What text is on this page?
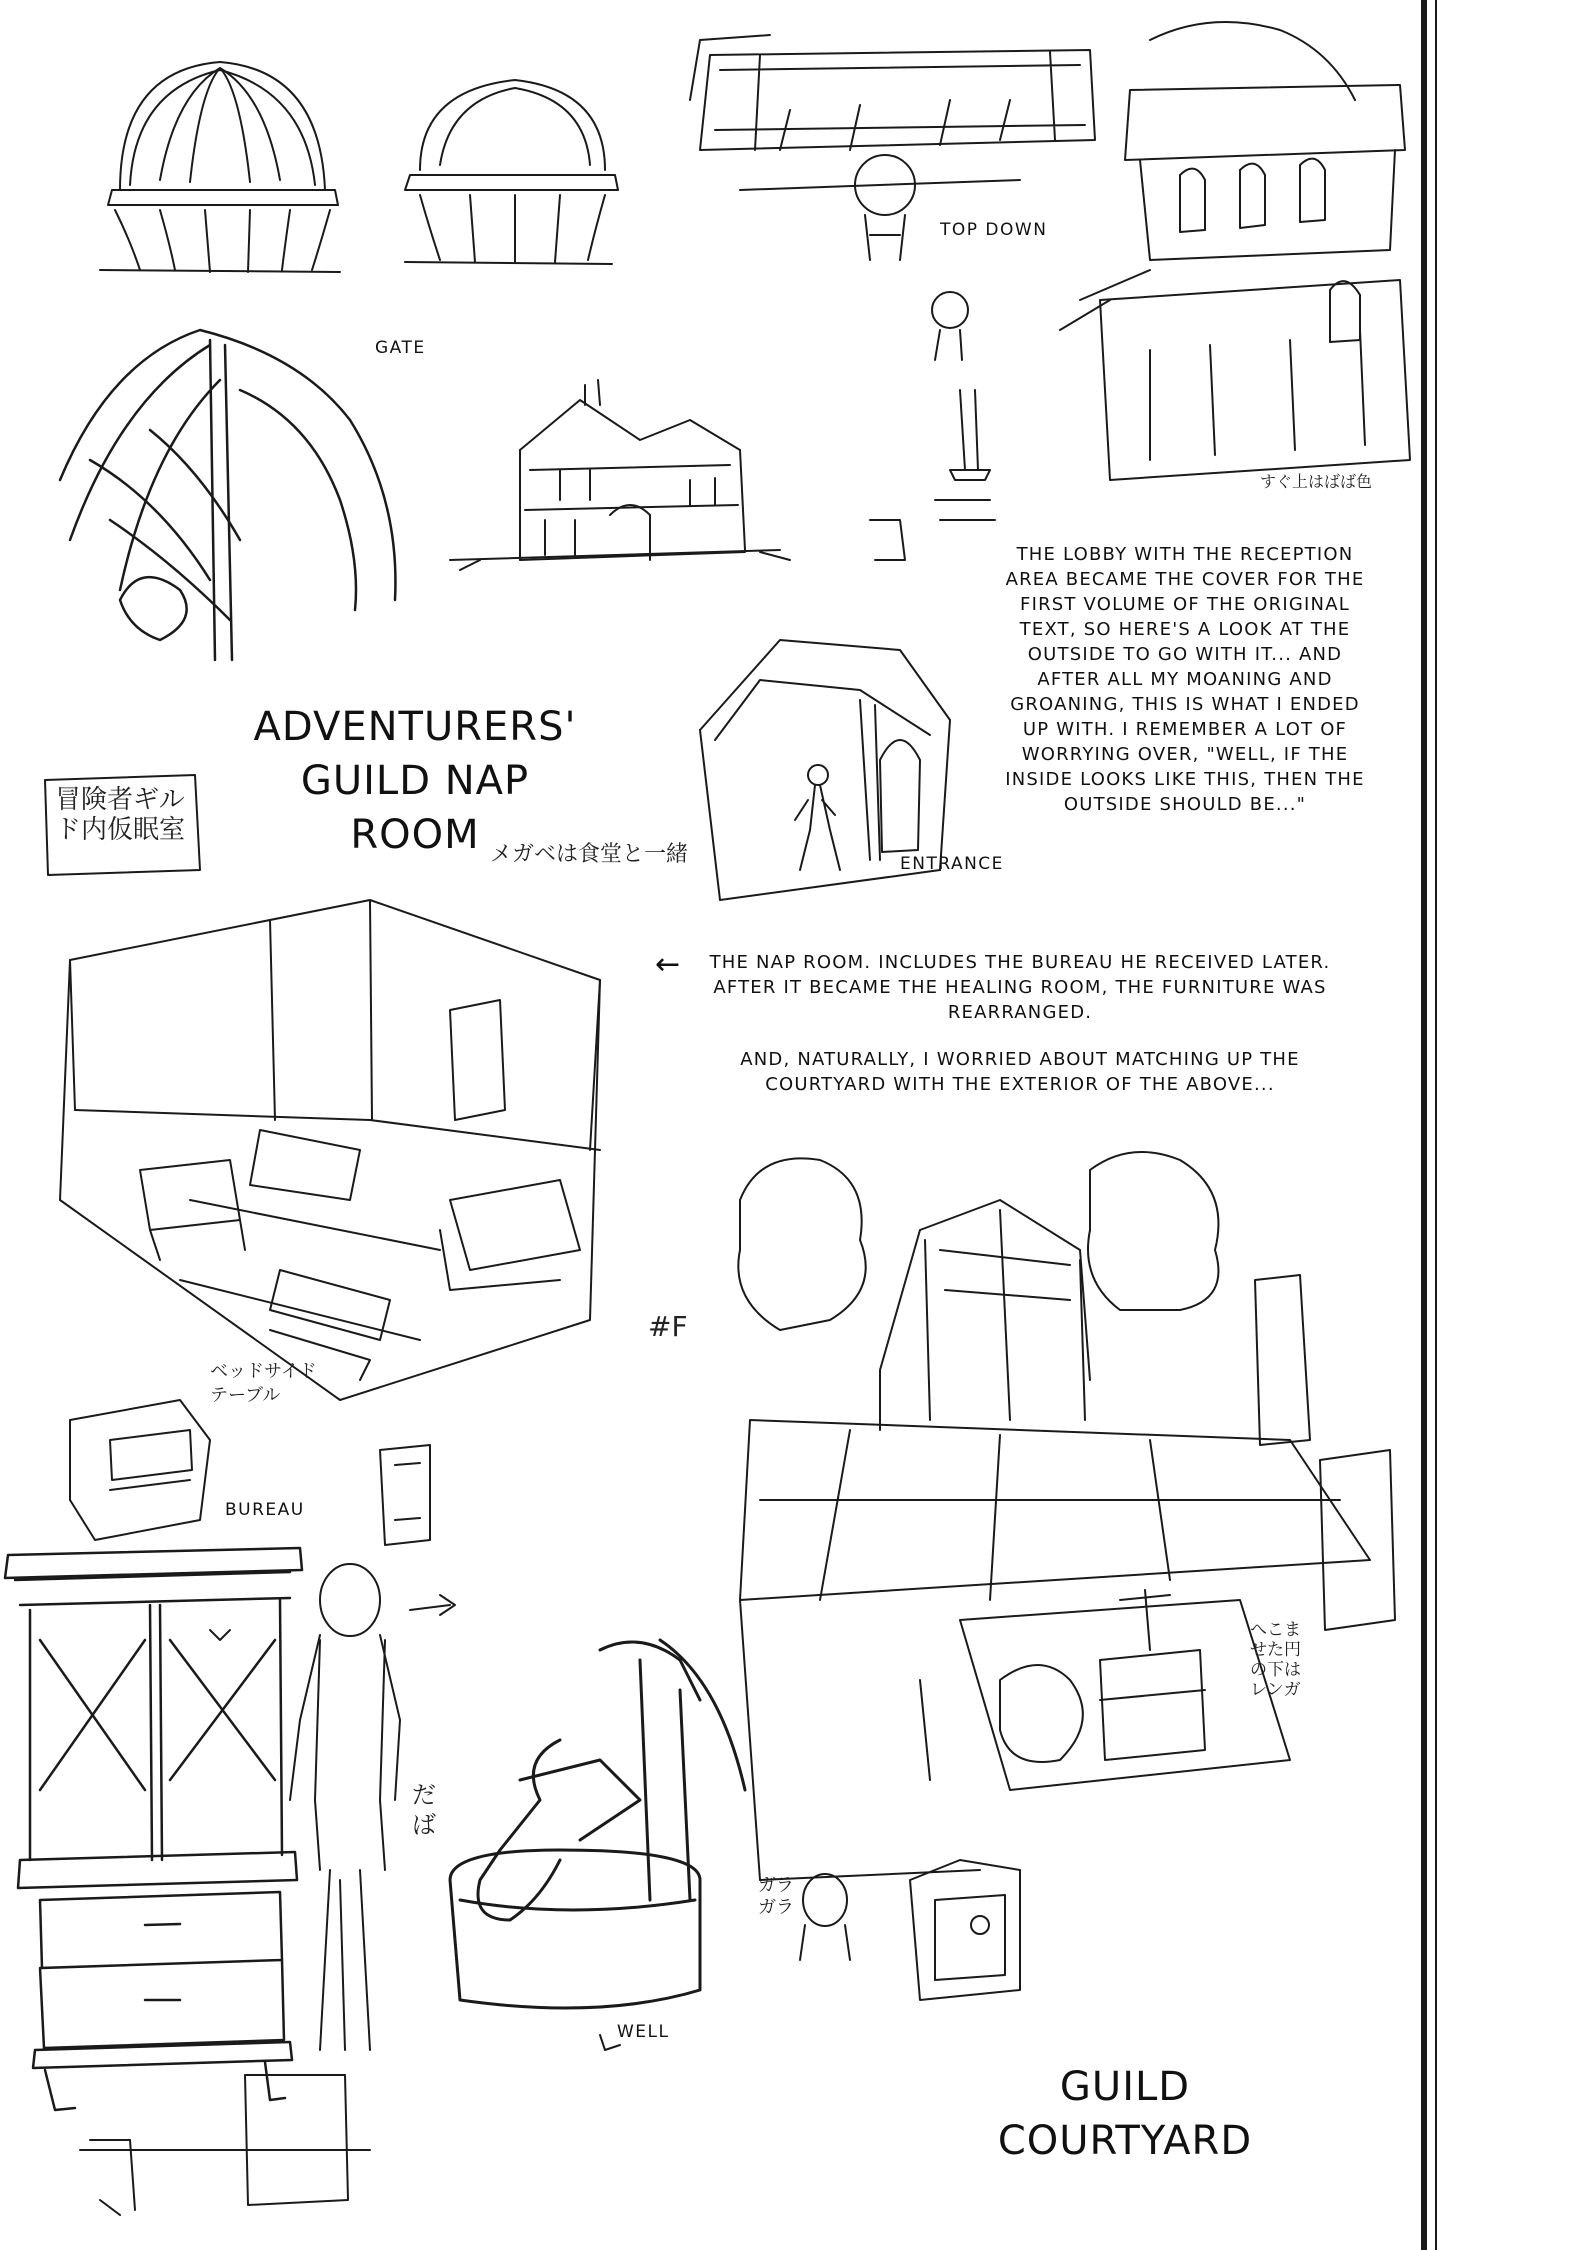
TOP DOWN
GATE
ENTRANCE
BUREAU
WELL
ADVENTURERS'
GUILD NAP ROOM
GUILD
COURTYARD
THE LOBBY WITH THE RECEPTION AREA BECAME THE COVER FOR THE FIRST VOLUME OF THE ORIGINAL TEXT, SO HERE'S A LOOK AT THE OUTSIDE TO GO WITH IT... AND AFTER ALL MY MOANING AND GROANING, THIS IS WHAT I ENDED UP WITH. I REMEMBER A LOT OF WORRYING OVER, "WELL, IF THE INSIDE LOOKS LIKE THIS, THEN THE OUTSIDE SHOULD BE..."
←	THE NAP ROOM. INCLUDES THE BUREAU HE RECEIVED LATER. AFTER IT BECAME THE HEALING ROOM, THE FURNITURE WAS REARRANGED.

AND, NATURALLY, I WORRIED ABOUT MATCHING UP THE COURTYARD WITH THE EXTERIOR OF THE ABOVE...

冒険者ギルド内仮眠室
メガベは食堂と一緒
ベッドサイドテーブル
#F
だば
ガラガラ
へこませた円の下はレンガ
すぐ上はばば色
